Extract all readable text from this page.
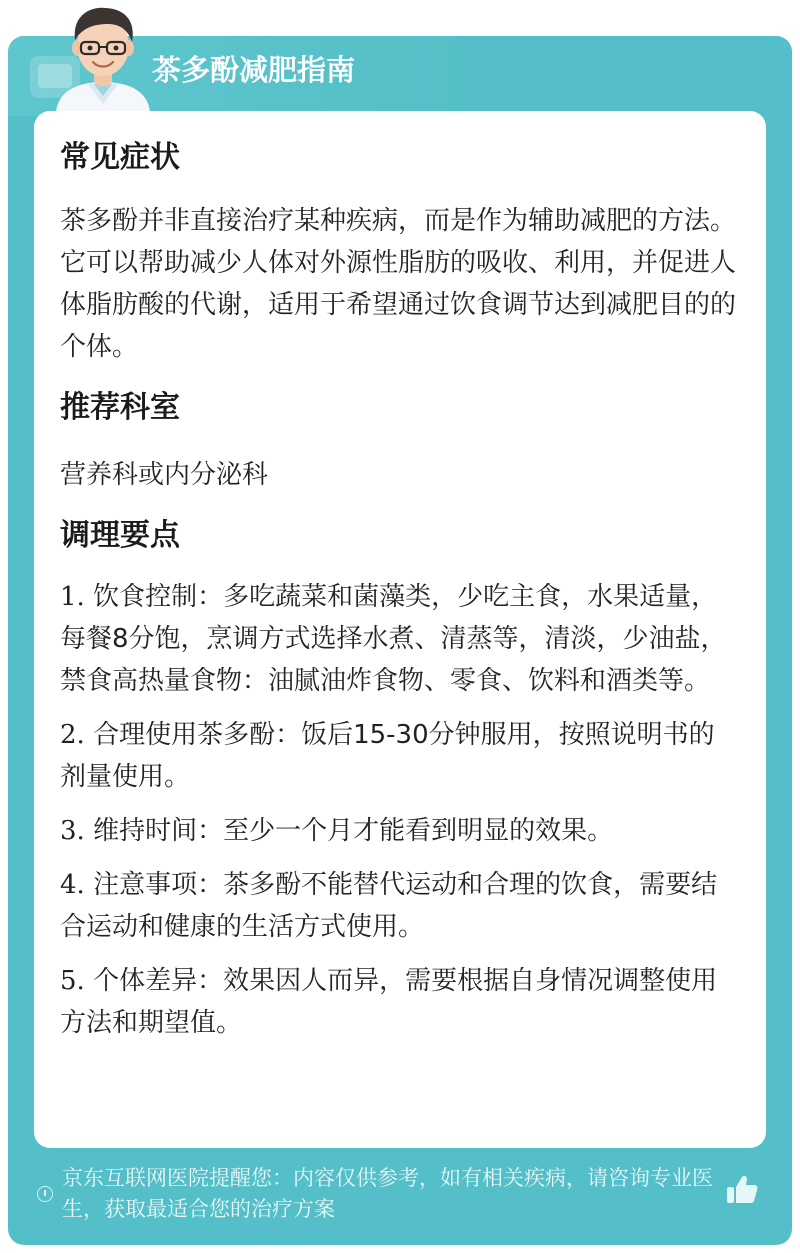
茶多酚减肥指南
常见症状

茶多酚并非直接治疗某种疾病，而是作为辅助减肥的方法。它可以帮助减少人体对外源性脂肪的吸收、利用，并促进人体脂肪酸的代谢，适用于希望通过饮食调节达到减肥目的的个体。

推荐科室

营养科或内分泌科

调理要点

1. 饮食控制：多吃蔬菜和菌藻类，少吃主食，水果适量，每餐8分饱，烹调方式选择水煮、清蒸等，清淡，少油盐，禁食高热量食物：油腻油炸食物、零食、饮料和酒类等。

2. 合理使用茶多酚：饭后15-30分钟服用，按照说明书的剂量使用。

3. 维持时间：至少一个月才能看到明显的效果。

4. 注意事项：茶多酚不能替代运动和合理的饮食，需要结合运动和健康的生活方式使用。

5. 个体差异：效果因人而异，需要根据自身情况调整使用方法和期望值。

京东互联网医院提醒您：内容仅供参考，如有相关疾病，请咨询专业医生，获取最适合您的治疗方案
